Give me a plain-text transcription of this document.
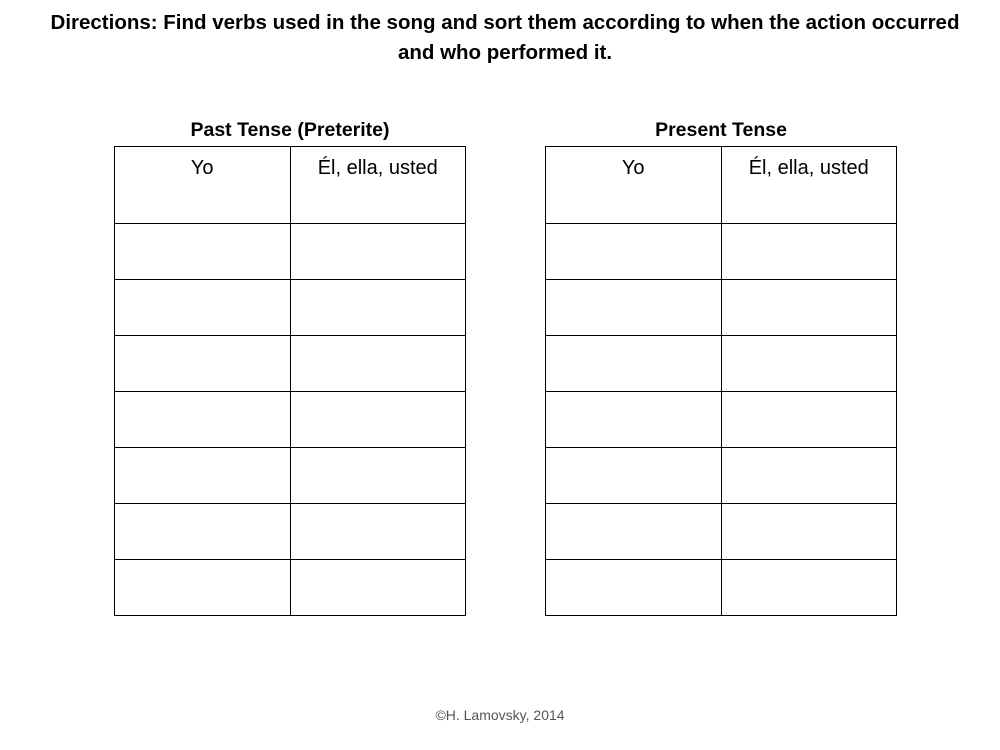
Directions: Find verbs used in the song and sort them according to when the action occurred and who performed it.
Past Tense (Preterite)
Yo	Él, ella, usted

Present Tense
Yo	Él, ella, usted

©H. Lamovsky, 2014
